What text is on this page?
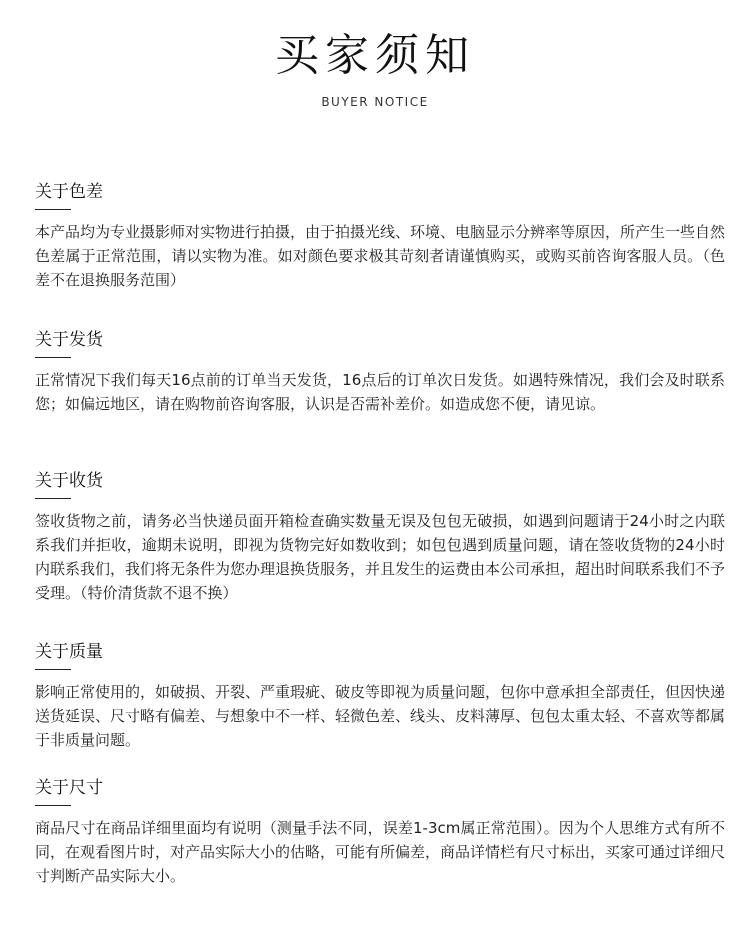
买家须知
BUYER NOTICE
关于色差
本产品均为专业摄影师对实物进行拍摄，由于拍摄光线、环境、电脑显示分辨率等原因，所产生一些自然色差属于正常范围，请以实物为准。如对颜色要求极其苛刻者请谨慎购买，或购买前咨询客服人员。（色差不在退换服务范围）
关于发货
正常情况下我们每天16点前的订单当天发货，16点后的订单次日发货。如遇特殊情况，我们会及时联系您；如偏远地区，请在购物前咨询客服，认识是否需补差价。如造成您不便，请见谅。
关于收货
签收货物之前，请务必当快递员面开箱检查确实数量无误及包包无破损，如遇到问题请于24小时之内联系我们并拒收，逾期未说明，即视为货物完好如数收到；如包包遇到质量问题，请在签收货物的24小时内联系我们，我们将无条件为您办理退换货服务，并且发生的运费由本公司承担，超出时间联系我们不予受理。（特价清货款不退不换）
关于质量
影响正常使用的，如破损、开裂、严重瑕疵、破皮等即视为质量问题，包你中意承担全部责任，但因快递送货延误、尺寸略有偏差、与想象中不一样、轻微色差、线头、皮料薄厚、包包太重太轻、不喜欢等都属于非质量问题。
关于尺寸
商品尺寸在商品详细里面均有说明（测量手法不同，误差1-3cm属正常范围）。因为个人思维方式有所不同，在观看图片时，对产品实际大小的估略，可能有所偏差，商品详情栏有尺寸标出，买家可通过详细尺寸判断产品实际大小。
